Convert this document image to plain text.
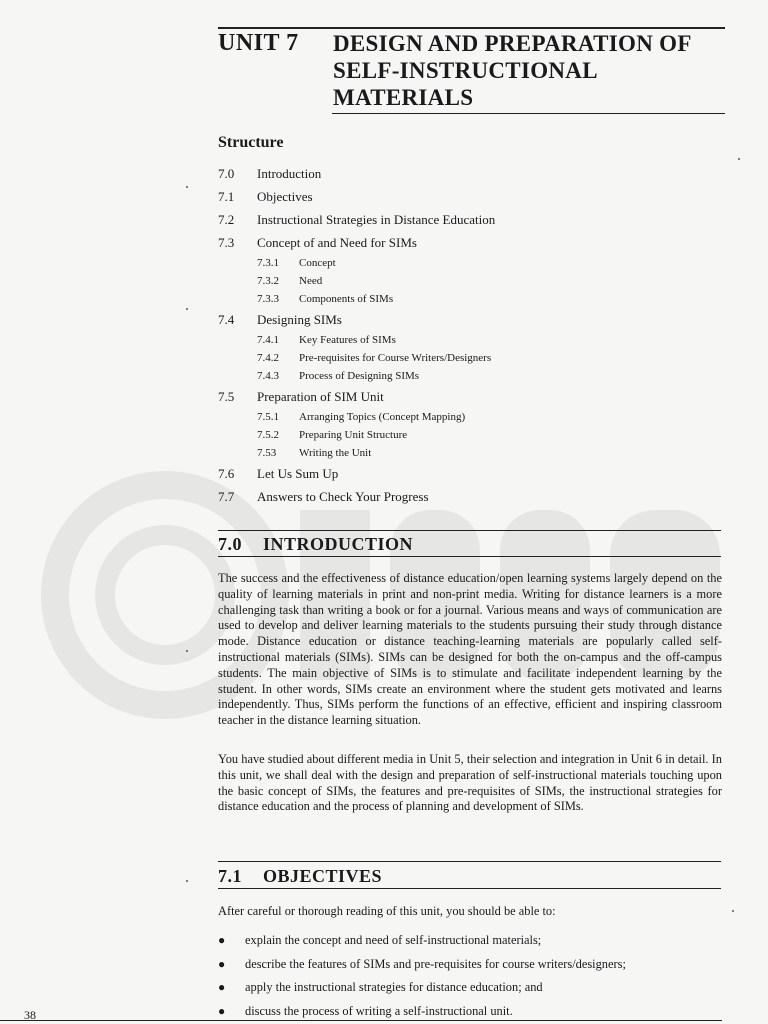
UNIT 7 DESIGN AND PREPARATION OF SELF-INSTRUCTIONAL MATERIALS
Structure
7.0	Introduction
7.1	Objectives
7.2	Instructional Strategies in Distance Education
7.3	Concept of and Need for SIMs
7.3.1	Concept
7.3.2	Need
7.3.3	Components of SIMs
7.4	Designing SIMs
7.4.1	Key Features of SIMs
7.4.2	Pre-requisites for Course Writers/Designers
7.4.3	Process of Designing SIMs
7.5	Preparation of SIM Unit
7.5.1	Arranging Topics (Concept Mapping)
7.5.2	Preparing Unit Structure
7.53	Writing the Unit
7.6	Let Us Sum Up
7.7	Answers to Check Your Progress
7.0 INTRODUCTION

The success and the effectiveness of distance education/open learning systems largely depend on the quality of learning materials in print and non-print media. Writing for distance learners is a more challenging task than writing a book or for a journal. Various means and ways of communication are used to develop and deliver learning materials to the students pursuing their study through distance mode. Distance education or distance teaching-learning materials are popularly called self-instructional materials (SIMs). SIMs can be designed for both the on-campus and the off-campus students. The main objective of SIMs is to stimulate and facilitate independent learning by the student. In other words, SIMs create an environment where the student gets motivated and learns independently. Thus, SIMs perform the functions of an effective, efficient and inspiring classroom teacher in the distance learning situation.

You have studied about different media in Unit 5, their selection and integration in Unit 6 in detail. In this unit, we shall deal with the design and preparation of self-instructional materials touching upon the basic concept of SIMs, the features and pre-requisites of SIMs, the instructional strategies for distance education and the process of planning and development of SIMs.

7.1 OBJECTIVES

After careful or thorough reading of this unit, you should be able to:

●	explain the concept and need of self-instructional materials;
●	describe the features of SIMs and pre-requisites for course writers/designers;
●	apply the instructional strategies for distance education; and
●	discuss the process of writing a self-instructional unit.
38
